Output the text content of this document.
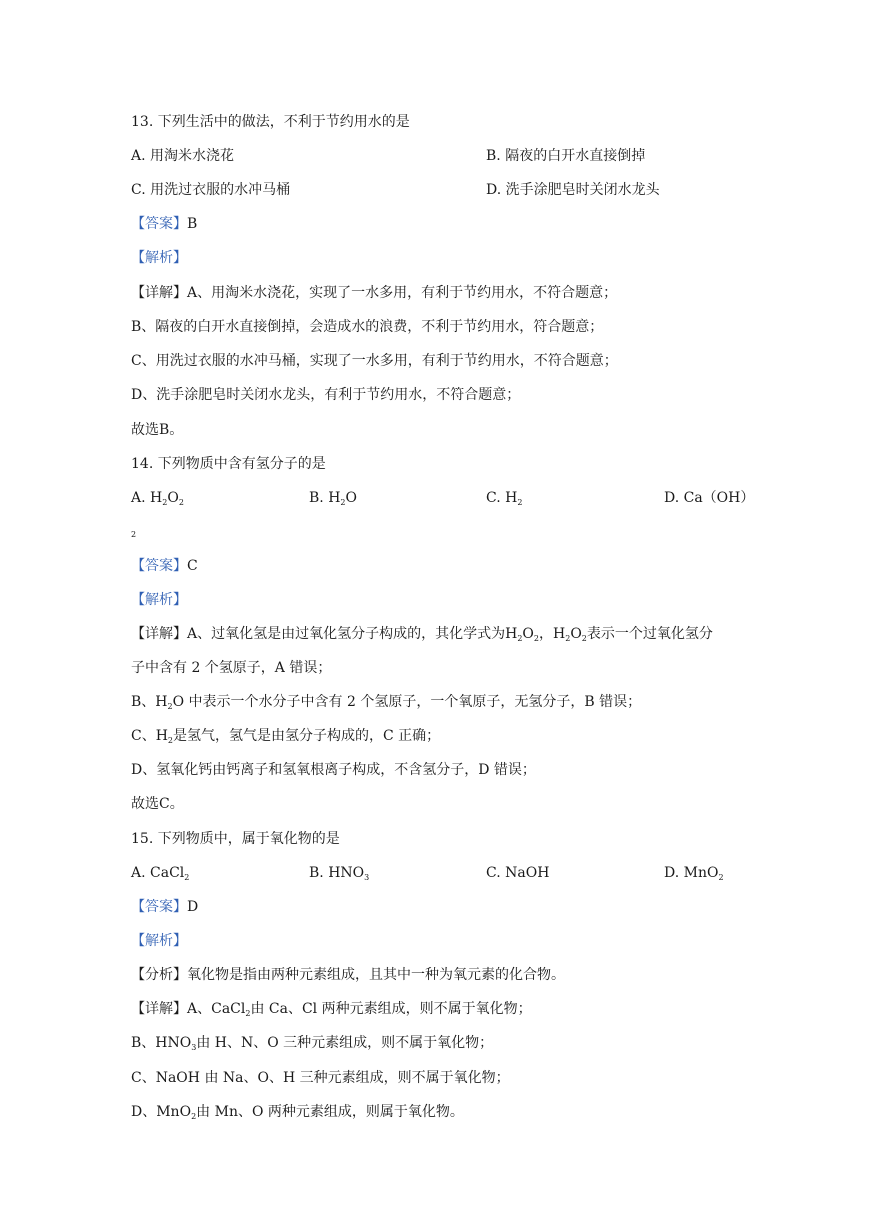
13. 下列生活中的做法，不利于节约用水的是
A. 用淘米水浇花	B. 隔夜的白开水直接倒掉
C. 用洗过衣服的水冲马桶	D. 洗手涂肥皂时关闭水龙头
【答案】B
【解析】
【详解】A、用淘米水浇花，实现了一水多用，有利于节约用水，不符合题意；
B、隔夜的白开水直接倒掉，会造成水的浪费，不利于节约用水，符合题意；
C、用洗过衣服的水冲马桶，实现了一水多用，有利于节约用水，不符合题意；
D、洗手涂肥皂时关闭水龙头，有利于节约用水，不符合题意；
故选B。
14. 下列物质中含有氢分子的是
A. $H_2O_2$	B. $H_2O$	C. $H_2$	D. Ca（OH）
2
【答案】C
【解析】
【详解】A、过氧化氢是由过氧化氢分子构成的，其化学式为$H_2O_2$，$H_2O_2$表示一个过氧化氢分
子中含有 2 个氢原子，A 错误；
B、$H_2O$ 中表示一个水分子中含有 2 个氢原子，一个氧原子，无氢分子，B 错误；
C、$H_2$是氢气，氢气是由氢分子构成的，C 正确；
D、氢氧化钙由钙离子和氢氧根离子构成，不含氢分子，D 错误；
故选C。
15. 下列物质中，属于氧化物的是
A. CaCl$_2$	B. $HNO_3$	C. NaOH	D. MnO$_2$
【答案】D
【解析】
【分析】氧化物是指由两种元素组成，且其中一种为氧元素的化合物。
【详解】A、CaCl$_2$由 Ca、Cl 两种元素组成，则不属于氧化物；
B、$HNO_3$由 H、N、O 三种元素组成，则不属于氧化物；
C、NaOH 由 Na、O、H 三种元素组成，则不属于氧化物；
D、MnO$_2$由 Mn、O 两种元素组成，则属于氧化物。
